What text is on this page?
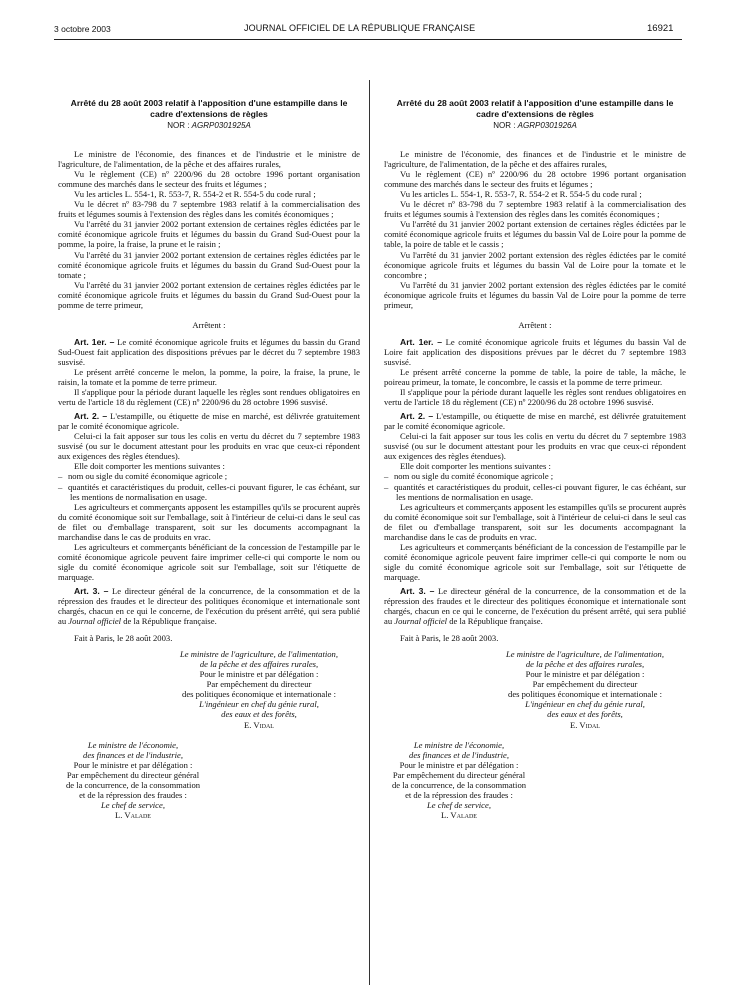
3 octobre 2003	JOURNAL OFFICIEL DE LA RÉPUBLIQUE FRANÇAISE	16921
Arrêté du 28 août 2003 relatif à l'apposition d'une estampille dans le cadre d'extensions de règles
NOR : AGRP0301925A

Le ministre de l'économie, des finances et de l'industrie et le ministre de l'agriculture, de l'alimentation, de la pêche et des affaires rurales,

Vu le règlement (CE) nº 2200/96 du 28 octobre 1996 portant organisation commune des marchés dans le secteur des fruits et légumes ;

Vu les articles L. 554-1, R. 553-7, R. 554-2 et R. 554-5 du code rural ;

Vu le décret nº 83-798 du 7 septembre 1983 relatif à la commercialisation des fruits et légumes soumis à l'extension des règles dans les comités économiques ;

Vu l'arrêté du 31 janvier 2002 portant extension de certaines règles édictées par le comité économique agricole fruits et légumes du bassin du Grand Sud-Ouest pour la pomme, la poire, la fraise, la prune et le raisin ;

Vu l'arrêté du 31 janvier 2002 portant extension de certaines règles édictées par le comité économique agricole fruits et légumes du bassin du Grand Sud-Ouest pour la tomate ;

Vu l'arrêté du 31 janvier 2002 portant extension de certaines règles édictées par le comité économique agricole fruits et légumes du bassin du Grand Sud-Ouest pour la pomme de terre primeur,

Arrêtent :

Art. 1er. – Le comité économique agricole fruits et légumes du bassin du Grand Sud-Ouest fait application des dispositions prévues par le décret du 7 septembre 1983 susvisé.

Le présent arrêté concerne le melon, la pomme, la poire, la fraise, la prune, le raisin, la tomate et la pomme de terre primeur.

Il s'applique pour la période durant laquelle les règles sont rendues obligatoires en vertu de l'article 18 du règlement (CE) nº 2200/96 du 28 octobre 1996 susvisé.

Art. 2. – L'estampille, ou étiquette de mise en marché, est délivrée gratuitement par le comité économique agricole.

Celui-ci la fait apposer sur tous les colis en vertu du décret du 7 septembre 1983 susvisé (ou sur le document attestant pour les produits en vrac que ceux-ci répondent aux exigences des règles étendues).

Elle doit comporter les mentions suivantes :

– nom ou sigle du comité économique agricole ;

– quantités et caractéristiques du produit, celles-ci pouvant figurer, le cas échéant, sur les mentions de normalisation en usage.

Les agriculteurs et commerçants apposent les estampilles qu'ils se procurent auprès du comité économique soit sur l'emballage, soit à l'intérieur de celui-ci dans le seul cas de filet ou d'emballage transparent, soit sur les documents accompagnant la marchandise dans le cas de produits en vrac.

Les agriculteurs et commerçants bénéficiant de la concession de l'estampille par le comité économique agricole peuvent faire imprimer celle-ci qui comporte le nom ou sigle du comité économique agricole soit sur l'emballage, soit sur l'étiquette de marquage.

Art. 3. – Le directeur général de la concurrence, de la consommation et de la répression des fraudes et le directeur des politiques économique et internationale sont chargés, chacun en ce qui le concerne, de l'exécution du présent arrêté, qui sera publié au Journal officiel de la République française.

Fait à Paris, le 28 août 2003.

Le ministre de l'agriculture, de l'alimentation,

de la pêche et des affaires rurales,

Pour le ministre et par délégation :

Par empêchement du directeur

des politiques économique et internationale :

L'ingénieur en chef du génie rural,

des eaux et des forêts,

E. Vidal

Le ministre de l'économie,

des finances et de l'industrie,

Pour le ministre et par délégation :

Par empêchement du directeur général

de la concurrence, de la consommation

et de la répression des fraudes :

Le chef de service,

L. Valade

Arrêté du 28 août 2003 relatif à l'apposition d'une estampille dans le cadre d'extensions de règles
NOR : AGRP0301926A

Le ministre de l'économie, des finances et de l'industrie et le ministre de l'agriculture, de l'alimentation, de la pêche et des affaires rurales,

Vu le règlement (CE) nº 2200/96 du 28 octobre 1996 portant organisation commune des marchés dans le secteur des fruits et légumes ;

Vu les articles L. 554-1, R. 553-7, R. 554-2 et R. 554-5 du code rural ;

Vu le décret nº 83-798 du 7 septembre 1983 relatif à la commercialisation des fruits et légumes soumis à l'extension des règles dans les comités économiques ;

Vu l'arrêté du 31 janvier 2002 portant extension de certaines règles édictées par le comité économique agricole fruits et légumes du bassin Val de Loire pour la pomme de table, la poire de table et le cassis ;

Vu l'arrêté du 31 janvier 2002 portant extension des règles édictées par le comité économique agricole fruits et légumes du bassin Val de Loire pour la tomate et le concombre ;

Vu l'arrêté du 31 janvier 2002 portant extension des règles édictées par le comité économique agricole fruits et légumes du bassin Val de Loire pour la pomme de terre primeur,

Arrêtent :

Art. 1er. – Le comité économique agricole fruits et légumes du bassin Val de Loire fait application des dispositions prévues par le décret du 7 septembre 1983 susvisé.

Le présent arrêté concerne la pomme de table, la poire de table, la mâche, le poireau primeur, la tomate, le concombre, le cassis et la pomme de terre primeur.

Il s'applique pour la période durant laquelle les règles sont rendues obligatoires en vertu de l'article 18 du règlement (CE) nº 2200/96 du 28 octobre 1996 susvisé.

Art. 2. – L'estampille, ou étiquette de mise en marché, est délivrée gratuitement par le comité économique agricole.

Celui-ci la fait apposer sur tous les colis en vertu du décret du 7 septembre 1983 susvisé (ou sur le document attestant pour les produits en vrac que ceux-ci répondent aux exigences des règles étendues).

Elle doit comporter les mentions suivantes :

– nom ou sigle du comité économique agricole ;

– quantités et caractéristiques du produit, celles-ci pouvant figurer, le cas échéant, sur les mentions de normalisation en usage.

Les agriculteurs et commerçants apposent les estampilles qu'ils se procurent auprès du comité économique soit sur l'emballage, soit à l'intérieur de celui-ci dans le seul cas de filet ou d'emballage transparent, soit sur les documents accompagnant la marchandise dans le cas de produits en vrac.

Les agriculteurs et commerçants bénéficiant de la concession de l'estampille par le comité économique agricole peuvent faire imprimer celle-ci qui comporte le nom ou sigle du comité économique agricole soit sur l'emballage, soit sur l'étiquette de marquage.

Art. 3. – Le directeur général de la concurrence, de la consommation et de la répression des fraudes et le directeur des politiques économique et internationale sont chargés, chacun en ce qui le concerne, de l'exécution du présent arrêté, qui sera publié au Journal officiel de la République française.

Fait à Paris, le 28 août 2003.

Le ministre de l'agriculture, de l'alimentation,

de la pêche et des affaires rurales,

Pour le ministre et par délégation :

Par empêchement du directeur

des politiques économique et internationale :

L'ingénieur en chef du génie rural,

des eaux et des forêts,

E. Vidal

Le ministre de l'économie,

des finances et de l'industrie,

Pour le ministre et par délégation :

Par empêchement du directeur général

de la concurrence, de la consommation

et de la répression des fraudes :

Le chef de service,

L. Valade
